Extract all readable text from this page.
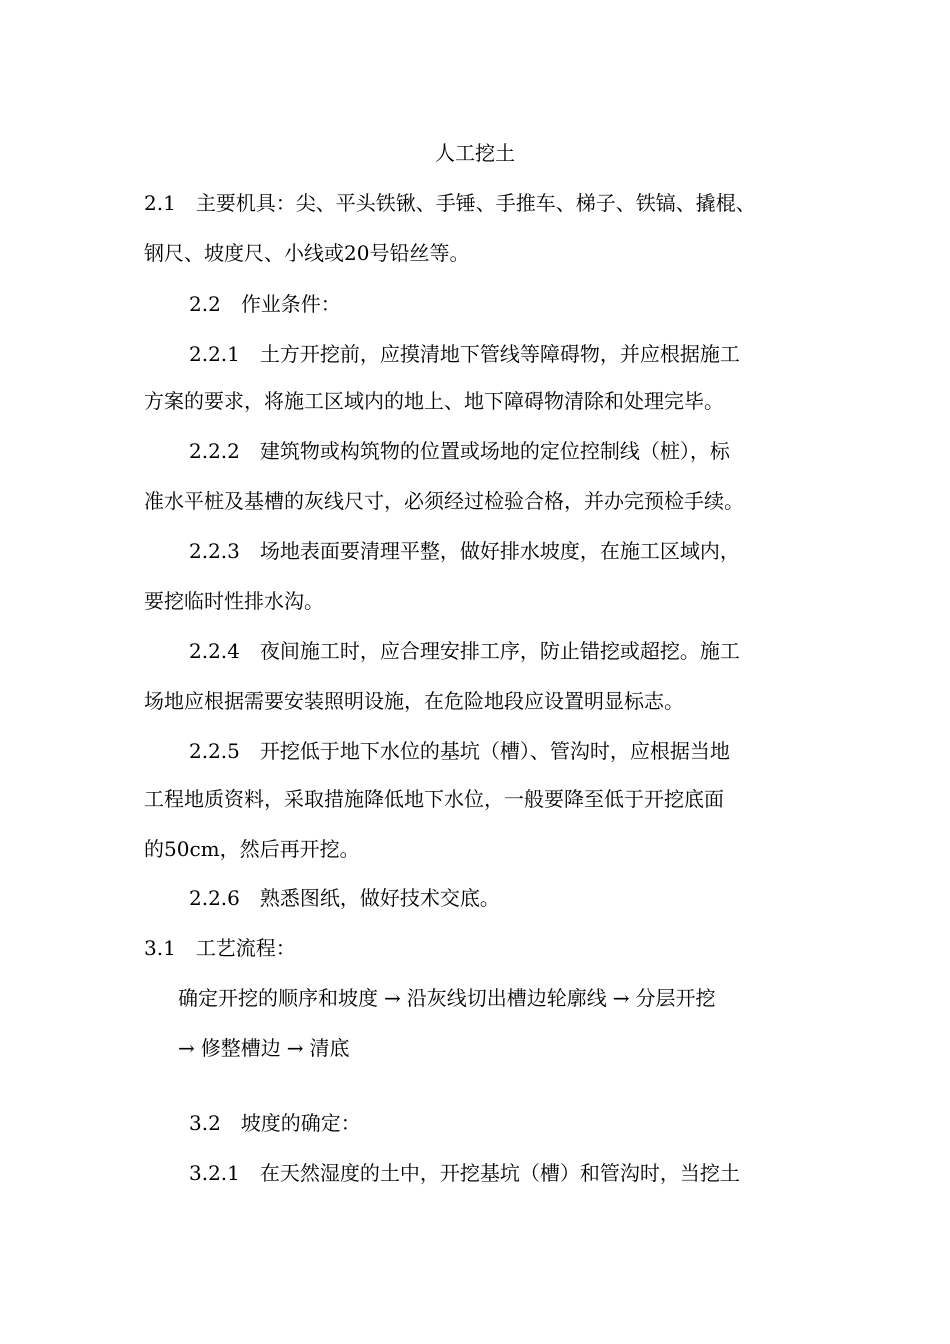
人工挖土
2.1 主要机具：尖、平头铁锹、手锤、手推车、梯子、铁镐、撬棍、
钢尺、坡度尺、小线或20号铅丝等。
2.2 作业条件：
2.2.1 土方开挖前，应摸清地下管线等障碍物，并应根据施工
方案的要求，将施工区域内的地上、地下障碍物清除和处理完毕。
2.2.2 建筑物或构筑物的位置或场地的定位控制线（桩），标
准水平桩及基槽的灰线尺寸，必须经过检验合格，并办完预检手续。
2.2.3 场地表面要清理平整，做好排水坡度，在施工区域内，
要挖临时性排水沟。
2.2.4 夜间施工时，应合理安排工序，防止错挖或超挖。施工
场地应根据需要安装照明设施，在危险地段应设置明显标志。
2.2.5 开挖低于地下水位的基坑（槽）、管沟时，应根据当地
工程地质资料，采取措施降低地下水位，一般要降至低于开挖底面
的50cm，然后再开挖。
2.2.6 熟悉图纸，做好技术交底。
3.1 工艺流程：
确定开挖的顺序和坡度 → 沿灰线切出槽边轮廓线 → 分层开挖
→ 修整槽边 → 清底
3.2 坡度的确定：
3.2.1 在天然湿度的土中，开挖基坑（槽）和管沟时，当挖土
